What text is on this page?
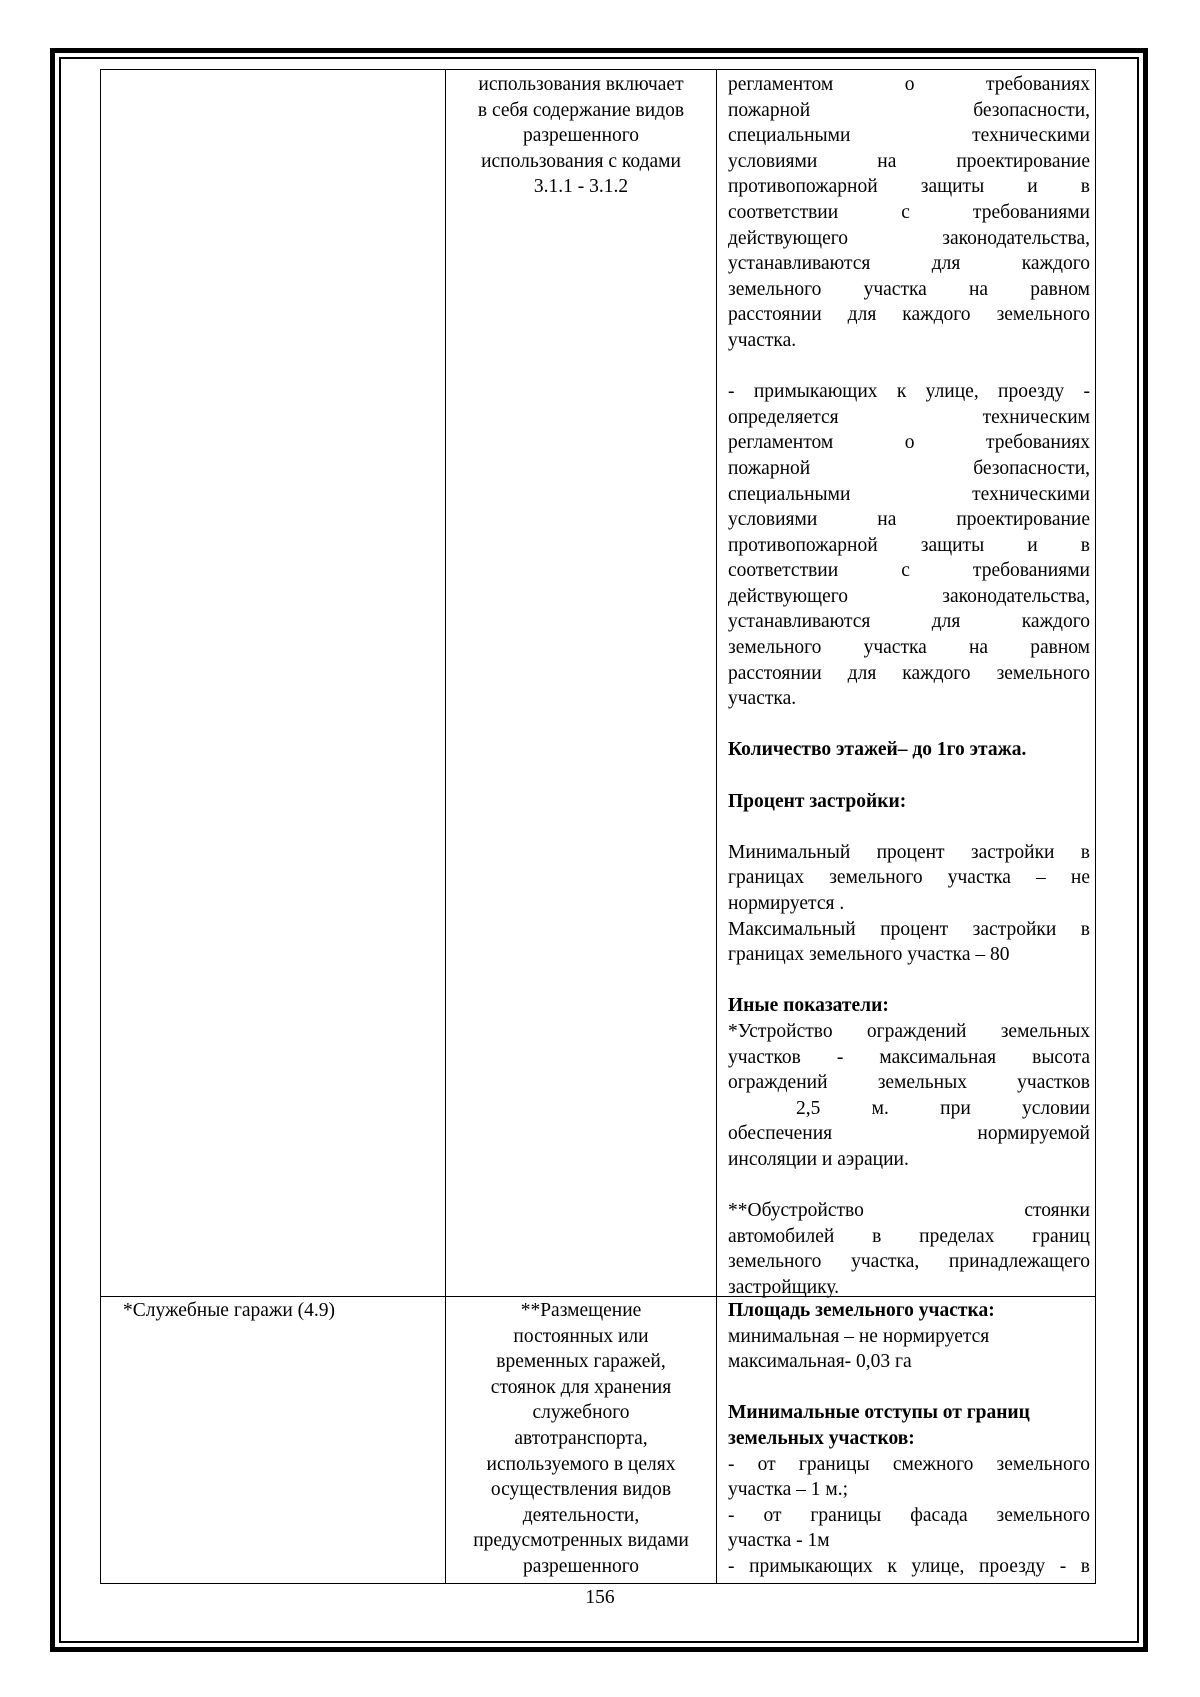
использования включает
в себя содержание видов
разрешенного
использования с кодами
3.1.1 - 3.1.2

регламентом о требованиях

пожарной безопасности,

специальными техническими

условиями на проектирование

противопожарной защиты и в

соответствии с требованиями

действующего законодательства,

устанавливаются для каждого

земельного участка на равном

расстоянии для каждого земельного

участка.

- примыкающих к улице, проезду -

определяется техническим

регламентом о требованиях

пожарной безопасности,

специальными техническими

условиями на проектирование

противопожарной защиты и в

соответствии с требованиями

действующего законодательства,

устанавливаются для каждого

земельного участка на равном

расстоянии для каждого земельного

участка.

Количество этажей– до 1го этажа.

Процент застройки:

Минимальный процент застройки в

границах земельного участка – не

нормируется .

Максимальный процент застройки в

границах земельного участка – 80

Иные показатели:

*Устройство ограждений земельных

участков - максимальная высота

ограждений земельных участков

2,5 м. при условии

обеспечения нормируемой

инсоляции и аэрации.

**Обустройство стоянки

автомобилей в пределах границ

земельного участка, принадлежащего

застройщику.

*Служебные гаражи (4.9)	**Размещение
постоянных или
временных гаражей,
стоянок для хранения
служебного
автотранспорта,
используемого в целях
осуществления видов
деятельности,
предусмотренных видами
разрешенного

Площадь земельного участка:

минимальная – не нормируется

максимальная- 0,03 га

Минимальные отступы от границ

земельных участков:

- от границы смежного земельного

участка – 1 м.;

- от границы фасада земельного

участка - 1м

- примыкающих к улице, проезду - в

156
